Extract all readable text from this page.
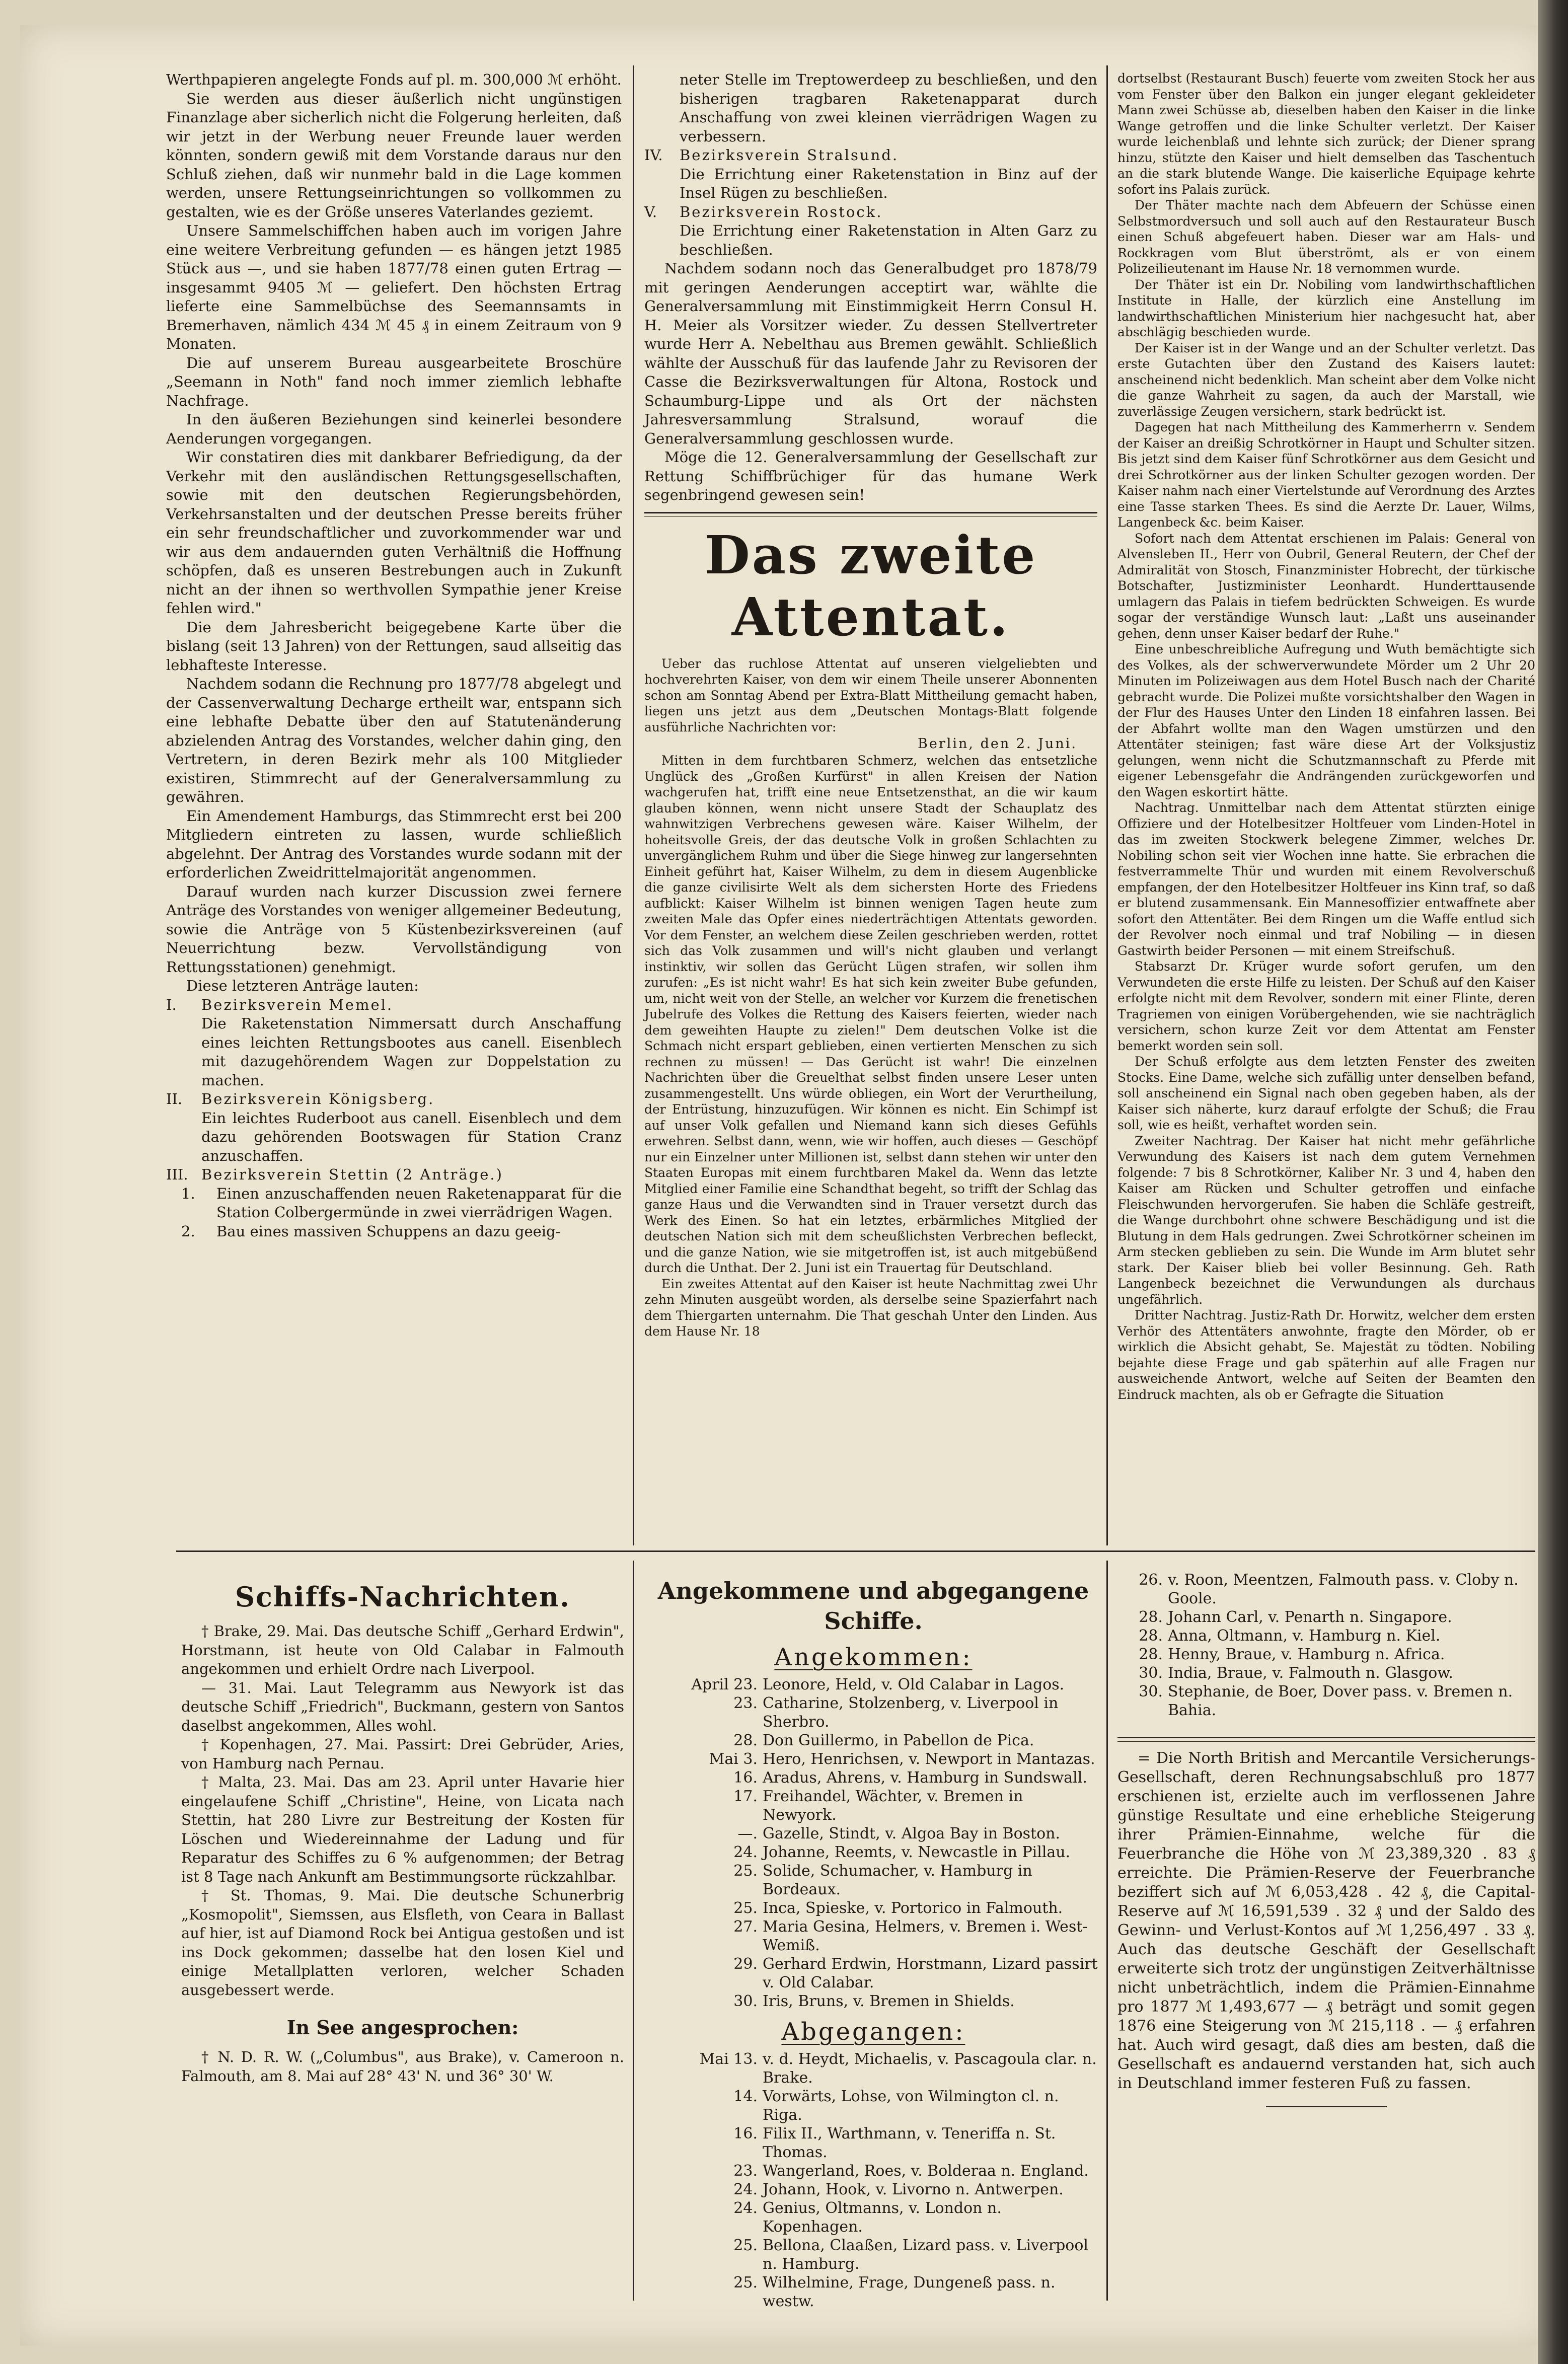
Werthpapieren angelegte Fonds auf pl. m. 300,000 ℳ erhöht.

Sie werden aus dieser äußerlich nicht ungünstigen Finanzlage aber sicherlich nicht die Folgerung herleiten, daß wir jetzt in der Werbung neuer Freunde lauer werden könnten, sondern gewiß mit dem Vorstande daraus nur den Schluß ziehen, daß wir nunmehr bald in die Lage kommen werden, unsere Rettungseinrichtungen so vollkommen zu gestalten, wie es der Größe unseres Vaterlandes geziemt.

Unsere Sammelschiffchen haben auch im vorigen Jahre eine weitere Verbreitung gefunden — es hängen jetzt 1985 Stück aus —, und sie haben 1877/78 einen guten Ertrag — insgesammt 9405 ℳ — geliefert. Den höchsten Ertrag lieferte eine Sammelbüchse des Seemannsamts in Bremerhaven, nämlich 434 ℳ 45 ₰ in einem Zeitraum von 9 Monaten.

Die auf unserem Bureau ausgearbeitete Broschüre „Seemann in Noth" fand noch immer ziemlich lebhafte Nachfrage.

In den äußeren Beziehungen sind keinerlei besondere Aenderungen vorgegangen.

Wir constatiren dies mit dankbarer Befriedigung, da der Verkehr mit den ausländischen Rettungsgesellschaften, sowie mit den deutschen Regierungsbehörden, Verkehrsanstalten und der deutschen Presse bereits früher ein sehr freundschaftlicher und zuvorkommender war und wir aus dem andauernden guten Verhältniß die Hoffnung schöpfen, daß es unseren Bestrebungen auch in Zukunft nicht an der ihnen so werthvollen Sympathie jener Kreise fehlen wird."

Die dem Jahresbericht beigegebene Karte über die bislang (seit 13 Jahren) von der Rettungen, saud allseitig das lebhafteste Interesse.

Nachdem sodann die Rechnung pro 1877/78 abgelegt und der Cassenverwaltung Decharge ertheilt war, entspann sich eine lebhafte Debatte über den auf Statutenänderung abzielenden Antrag des Vorstandes, welcher dahin ging, den Vertretern, in deren Bezirk mehr als 100 Mitglieder existiren, Stimmrecht auf der Generalversammlung zu gewähren.

Ein Amendement Hamburgs, das Stimmrecht erst bei 200 Mitgliedern eintreten zu lassen, wurde schließlich abgelehnt. Der Antrag des Vorstandes wurde sodann mit der erforderlichen Zweidrittelmajorität angenommen.

Darauf wurden nach kurzer Discussion zwei fernere Anträge des Vorstandes von weniger allgemeiner Bedeutung, sowie die Anträge von 5 Küstenbezirksvereinen (auf Neuerrichtung bezw. Vervollständigung von Rettungsstationen) genehmigt.

Diese letzteren Anträge lauten:

I.	Bezirksverein Memel.

Die Raketenstation Nimmersatt durch Anschaffung eines leichten Rettungsbootes aus canell. Eisenblech mit dazugehörendem Wagen zur Doppelstation zu machen.

II.	Bezirksverein Königsberg.

Ein leichtes Ruderboot aus canell. Eisenblech und dem dazu gehörenden Bootswagen für Station Cranz anzuschaffen.

III. Bezirksverein Stettin (2 Anträge.)
1.	Einen anzuschaffenden neuen Raketenapparat für die Station Colbergermünde in zwei vierrädrigen Wagen.
2.	Bau eines massiven Schuppens an dazu geeig-

neter Stelle im Treptowerdeep zu beschließen, und den bisherigen tragbaren Raketenapparat durch Anschaffung von zwei kleinen vierrädrigen Wagen zu verbessern.

IV.	Bezirksverein Stralsund.

Die Errichtung einer Raketenstation in Binz auf der Insel Rügen zu beschließen.

V.	Bezirksverein Rostock.

Die Errichtung einer Raketenstation in Alten Garz zu beschließen.

Nachdem sodann noch das Generalbudget pro 1878/79 mit geringen Aenderungen acceptirt war, wählte die Generalversammlung mit Einstimmigkeit Herrn Consul H. H. Meier als Vorsitzer wieder. Zu dessen Stellvertreter wurde Herr A. Nebelthau aus Bremen gewählt. Schließlich wählte der Ausschuß für das laufende Jahr zu Revisoren der Casse die Bezirksverwaltungen für Altona, Rostock und Schaumburg-Lippe und als Ort der nächsten Jahresversammlung Stralsund, worauf die Generalversammlung geschlossen wurde.

Möge die 12. Generalversammlung der Gesellschaft zur Rettung Schiffbrüchiger für das humane Werk segenbringend gewesen sein!

Das zweite Attentat.

Ueber das ruchlose Attentat auf unseren vielgeliebten und hochverehrten Kaiser, von dem wir einem Theile unserer Abonnenten schon am Sonntag Abend per Extra-Blatt Mittheilung gemacht haben, liegen uns jetzt aus dem „Deutschen Montags-Blatt folgende ausführliche Nachrichten vor:

Berlin, den 2. Juni.

Mitten in dem furchtbaren Schmerz, welchen das entsetzliche Unglück des „Großen Kurfürst" in allen Kreisen der Nation wachgerufen hat, trifft eine neue Entsetzensthat, an die wir kaum glauben können, wenn nicht unsere Stadt der Schauplatz des wahnwitzigen Verbrechens gewesen wäre. Kaiser Wilhelm, der hoheitsvolle Greis, der das deutsche Volk in großen Schlachten zu unvergänglichem Ruhm und über die Siege hinweg zur langersehnten Einheit geführt hat, Kaiser Wilhelm, zu dem in diesem Augenblicke die ganze civilisirte Welt als dem sichersten Horte des Friedens aufblickt: Kaiser Wilhelm ist binnen wenigen Tagen heute zum zweiten Male das Opfer eines niederträchtigen Attentats geworden. Vor dem Fenster, an welchem diese Zeilen geschrieben werden, rottet sich das Volk zusammen und will's nicht glauben und verlangt instinktiv, wir sollen das Gerücht Lügen strafen, wir sollen ihm zurufen: „Es ist nicht wahr! Es hat sich kein zweiter Bube gefunden, um, nicht weit von der Stelle, an welcher vor Kurzem die frenetischen Jubelrufe des Volkes die Rettung des Kaisers feierten, wieder nach dem geweihten Haupte zu zielen!" Dem deutschen Volke ist die Schmach nicht erspart geblieben, einen vertierten Menschen zu sich rechnen zu müssen! — Das Gerücht ist wahr! Die einzelnen Nachrichten über die Greuelthat selbst finden unsere Leser unten zusammengestellt. Uns würde obliegen, ein Wort der Verurtheilung, der Entrüstung, hinzuzufügen. Wir können es nicht. Ein Schimpf ist auf unser Volk gefallen und Niemand kann sich dieses Gefühls erwehren. Selbst dann, wenn, wie wir hoffen, auch dieses — Geschöpf nur ein Einzelner unter Millionen ist, selbst dann stehen wir unter den Staaten Europas mit einem furchtbaren Makel da. Wenn das letzte Mitglied einer Familie eine Schandthat begeht, so trifft der Schlag das ganze Haus und die Verwandten sind in Trauer versetzt durch das Werk des Einen. So hat ein letztes, erbärmliches Mitglied der deutschen Nation sich mit dem scheußlichsten Verbrechen befleckt, und die ganze Nation, wie sie mitgetroffen ist, ist auch mitgebüßend durch die Unthat. Der 2. Juni ist ein Trauertag für Deutschland.

Ein zweites Attentat auf den Kaiser ist heute Nachmittag zwei Uhr zehn Minuten ausgeübt worden, als derselbe seine Spazierfahrt nach dem Thiergarten unternahm. Die That geschah Unter den Linden. Aus dem Hause Nr. 18

dortselbst (Restaurant Busch) feuerte vom zweiten Stock her aus vom Fenster über den Balkon ein junger elegant gekleideter Mann zwei Schüsse ab, dieselben haben den Kaiser in die linke Wange getroffen und die linke Schulter verletzt. Der Kaiser wurde leichenblaß und lehnte sich zurück; der Diener sprang hinzu, stützte den Kaiser und hielt demselben das Taschentuch an die stark blutende Wange. Die kaiserliche Equipage kehrte sofort ins Palais zurück.

Der Thäter machte nach dem Abfeuern der Schüsse einen Selbstmordversuch und soll auch auf den Restaurateur Busch einen Schuß abgefeuert haben. Dieser war am Hals- und Rockkragen vom Blut überströmt, als er von einem Polizeilieutenant im Hause Nr. 18 vernommen wurde.

Der Thäter ist ein Dr. Nobiling vom landwirthschaftlichen Institute in Halle, der kürzlich eine Anstellung im landwirthschaftlichen Ministerium hier nachgesucht hat, aber abschlägig beschieden wurde.

Der Kaiser ist in der Wange und an der Schulter verletzt. Das erste Gutachten über den Zustand des Kaisers lautet: anscheinend nicht bedenklich. Man scheint aber dem Volke nicht die ganze Wahrheit zu sagen, da auch der Marstall, wie zuverlässige Zeugen versichern, stark bedrückt ist.

Dagegen hat nach Mittheilung des Kammerherrn v. Sendem der Kaiser an dreißig Schrotkörner in Haupt und Schulter sitzen. Bis jetzt sind dem Kaiser fünf Schrotkörner aus dem Gesicht und drei Schrotkörner aus der linken Schulter gezogen worden. Der Kaiser nahm nach einer Viertelstunde auf Verordnung des Arztes eine Tasse starken Thees. Es sind die Aerzte Dr. Lauer, Wilms, Langenbeck &c. beim Kaiser.

Sofort nach dem Attentat erschienen im Palais: General von Alvensleben II., Herr von Oubril, General Reutern, der Chef der Admiralität von Stosch, Finanzminister Hobrecht, der türkische Botschafter, Justizminister Leonhardt. Hunderttausende umlagern das Palais in tiefem bedrückten Schweigen. Es wurde sogar der verständige Wunsch laut: „Laßt uns auseinander gehen, denn unser Kaiser bedarf der Ruhe."

Eine unbeschreibliche Aufregung und Wuth bemächtigte sich des Volkes, als der schwerverwundete Mörder um 2 Uhr 20 Minuten im Polizeiwagen aus dem Hotel Busch nach der Charité gebracht wurde. Die Polizei mußte vorsichtshalber den Wagen in der Flur des Hauses Unter den Linden 18 einfahren lassen. Bei der Abfahrt wollte man den Wagen umstürzen und den Attentäter steinigen; fast wäre diese Art der Volksjustiz gelungen, wenn nicht die Schutzmannschaft zu Pferde mit eigener Lebensgefahr die Andrängenden zurückgeworfen und den Wagen eskortirt hätte.

Nachtrag. Unmittelbar nach dem Attentat stürzten einige Offiziere und der Hotelbesitzer Holtfeuer vom Linden-Hotel in das im zweiten Stockwerk belegene Zimmer, welches Dr. Nobiling schon seit vier Wochen inne hatte. Sie erbrachen die festverrammelte Thür und wurden mit einem Revolverschuß empfangen, der den Hotelbesitzer Holtfeuer ins Kinn traf, so daß er blutend zusammensank. Ein Mannesoffizier entwaffnete aber sofort den Attentäter. Bei dem Ringen um die Waffe entlud sich der Revolver noch einmal und traf Nobiling — in diesen Gastwirth beider Personen — mit einem Streifschuß.

Stabsarzt Dr. Krüger wurde sofort gerufen, um den Verwundeten die erste Hilfe zu leisten. Der Schuß auf den Kaiser erfolgte nicht mit dem Revolver, sondern mit einer Flinte, deren Tragriemen von einigen Vorübergehenden, wie sie nachträglich versichern, schon kurze Zeit vor dem Attentat am Fenster bemerkt worden sein soll.

Der Schuß erfolgte aus dem letzten Fenster des zweiten Stocks. Eine Dame, welche sich zufällig unter denselben befand, soll anscheinend ein Signal nach oben gegeben haben, als der Kaiser sich näherte, kurz darauf erfolgte der Schuß; die Frau soll, wie es heißt, verhaftet worden sein.

Zweiter Nachtrag. Der Kaiser hat nicht mehr gefährliche Verwundung des Kaisers ist nach dem gutem Vernehmen folgende: 7 bis 8 Schrotkörner, Kaliber Nr. 3 und 4, haben den Kaiser am Rücken und Schulter getroffen und einfache Fleischwunden hervorgerufen. Sie haben die Schläfe gestreift, die Wange durchbohrt ohne schwere Beschädigung und ist die Blutung in dem Hals gedrungen. Zwei Schrotkörner scheinen im Arm stecken geblieben zu sein. Die Wunde im Arm blutet sehr stark. Der Kaiser blieb bei voller Besinnung. Geh. Rath Langenbeck bezeichnet die Verwundungen als durchaus ungefährlich.

Dritter Nachtrag. Justiz-Rath Dr. Horwitz, welcher dem ersten Verhör des Attentäters anwohnte, fragte den Mörder, ob er wirklich die Absicht gehabt, Se. Majestät zu tödten. Nobiling bejahte diese Frage und gab späterhin auf alle Fragen nur ausweichende Antwort, welche auf Seiten der Beamten den Eindruck machten, als ob er Gefragte die Situation

Schiffs-Nachrichten.

† Brake, 29. Mai. Das deutsche Schiff „Gerhard Erdwin", Horstmann, ist heute von Old Calabar in Falmouth angekommen und erhielt Ordre nach Liverpool.

— 31. Mai. Laut Telegramm aus Newyork ist das deutsche Schiff „Friedrich", Buckmann, gestern von Santos daselbst angekommen, Alles wohl.

† Kopenhagen, 27. Mai. Passirt: Drei Gebrüder, Aries, von Hamburg nach Pernau.

† Malta, 23. Mai. Das am 23. April unter Havarie hier eingelaufene Schiff „Christine", Heine, von Licata nach Stettin, hat 280 Livre zur Bestreitung der Kosten für Löschen und Wiedereinnahme der Ladung und für Reparatur des Schiffes zu 6 % aufgenommen; der Betrag ist 8 Tage nach Ankunft am Bestimmungsorte rückzahlbar.

† St. Thomas, 9. Mai. Die deutsche Schunerbrig „Kosmopolit", Siemssen, aus Elsfleth, von Ceara in Ballast auf hier, ist auf Diamond Rock bei Antigua gestoßen und ist ins Dock gekommen; dasselbe hat den losen Kiel und einige Metallplatten verloren, welcher Schaden ausgebessert werde.

In See angesprochen:

† N. D. R. W. („Columbus", aus Brake), v. Cameroon n. Falmouth, am 8. Mai auf 28° 43' N. und 36° 30' W.

Angekommene und abgegangene Schiffe.
Angekommen:
April 23. Leonore, Held, v. Old Calabar in Lagos.
23. Catharine, Stolzenberg, v. Liverpool in Sherbro.
28. Don Guillermo, in Pabellon de Pica.
Mai 3. Hero, Henrichsen, v. Newport in Mantazas.
16. Aradus, Ahrens, v. Hamburg in Sundswall.
17. Freihandel, Wächter, v. Bremen in Newyork.
—. Gazelle, Stindt, v. Algoa Bay in Boston.
24. Johanne, Reemts, v. Newcastle in Pillau.
25. Solide, Schumacher, v. Hamburg in Bordeaux.
25. Inca, Spieske, v. Portorico in Falmouth.
27. Maria Gesina, Helmers, v. Bremen i. West-Wemiß.
29. Gerhard Erdwin, Horstmann, Lizard passirt v. Old Calabar.
30. Iris, Bruns, v. Bremen in Shields.
Abgegangen:
Mai 13. v. d. Heydt, Michaelis, v. Pascagoula clar. n. Brake.
14. Vorwärts, Lohse, von Wilmington cl. n. Riga.
16. Filix II., Warthmann, v. Teneriffa n. St. Thomas.
23. Wangerland, Roes, v. Bolderaa n. England.
24. Johann, Hook, v. Livorno n. Antwerpen.
24. Genius, Oltmanns, v. London n. Kopenhagen.
25. Bellona, Claaßen, Lizard pass. v. Liverpool n. Hamburg.
25. Wilhelmine, Frage, Dungeneß pass. n. westw.
26. v. Roon, Meentzen, Falmouth pass. v. Cloby n. Goole.
28. Johann Carl, v. Penarth n. Singapore.
28. Anna, Oltmann, v. Hamburg n. Kiel.
28. Henny, Braue, v. Hamburg n. Africa.
30. India, Braue, v. Falmouth n. Glasgow.
30. Stephanie, de Boer, Dover pass. v. Bremen n. Bahia.

= Die North British and Mercantile Versicherungs-Gesellschaft, deren Rechnungsabschluß pro 1877 erschienen ist, erzielte auch im verflossenen Jahre günstige Resultate und eine erhebliche Steigerung ihrer Prämien-Einnahme, welche für die Feuerbranche die Höhe von ℳ 23,389,320 . 83 ₰ erreichte. Die Prämien-Reserve der Feuerbranche beziffert sich auf ℳ 6,053,428 . 42 ₰, die Capital-Reserve auf ℳ 16,591,539 . 32 ₰ und der Saldo des Gewinn- und Verlust-Kontos auf ℳ 1,256,497 . 33 ₰. Auch das deutsche Geschäft der Gesellschaft erweiterte sich trotz der ungünstigen Zeitverhältnisse nicht unbeträchtlich, indem die Prämien-Einnahme pro 1877 ℳ 1,493,677 — ₰ beträgt und somit gegen 1876 eine Steigerung von ℳ 215,118 . — ₰ erfahren hat. Auch wird gesagt, daß dies am besten, daß die Gesellschaft es andauernd verstanden hat, sich auch in Deutschland immer festeren Fuß zu fassen.
